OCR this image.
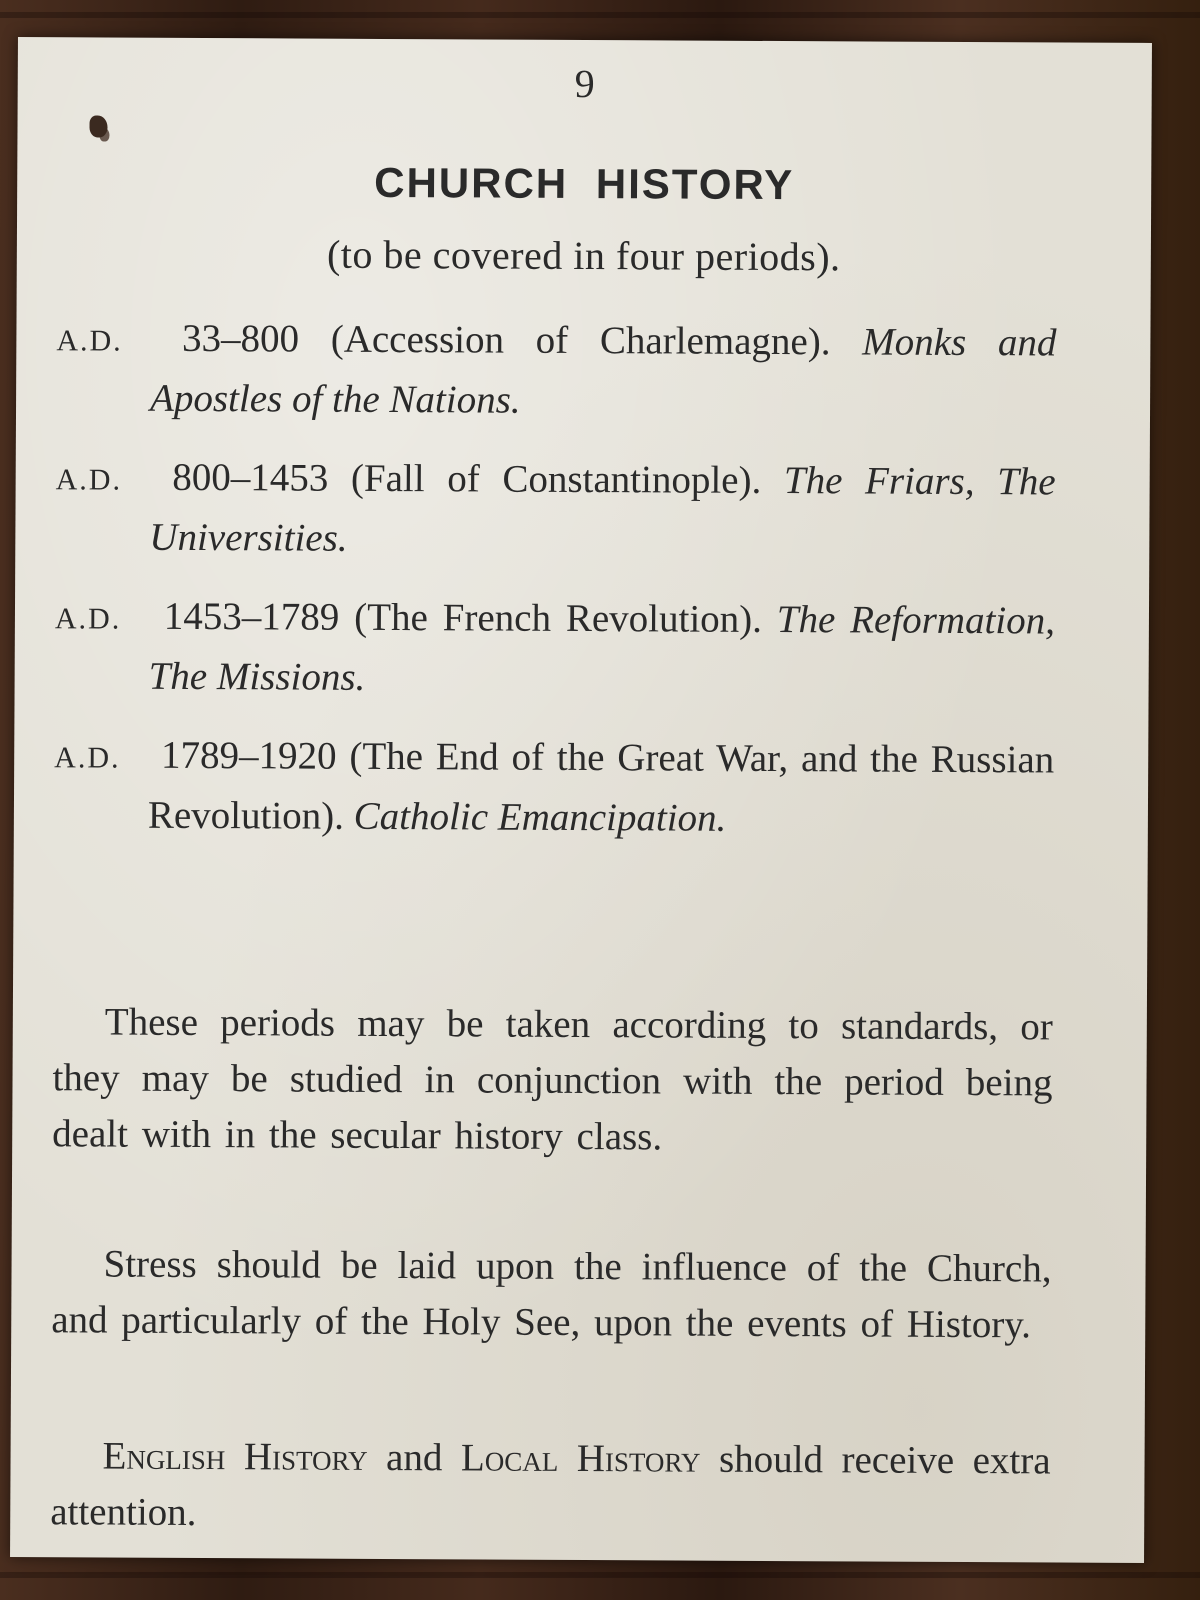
9
CHURCH HISTORY
(to be covered in four periods).
A.D. 33–800 (Accession of Charlemagne). Monks and Apostles of the Nations.
A.D. 800–1453 (Fall of Constantinople). The Friars, The Universities.
A.D. 1453–1789 (The French Revolution). The Reformation, The Missions.
A.D. 1789–1920 (The End of the Great War, and the Russian Revolution). Catholic Emancipation.

These periods may be taken according to standards, or they may be studied in conjunction with the period being dealt with in the secular history class.

Stress should be laid upon the influence of the Church, and particularly of the Holy See, upon the events of History.

English History and Local History should receive extra attention.
